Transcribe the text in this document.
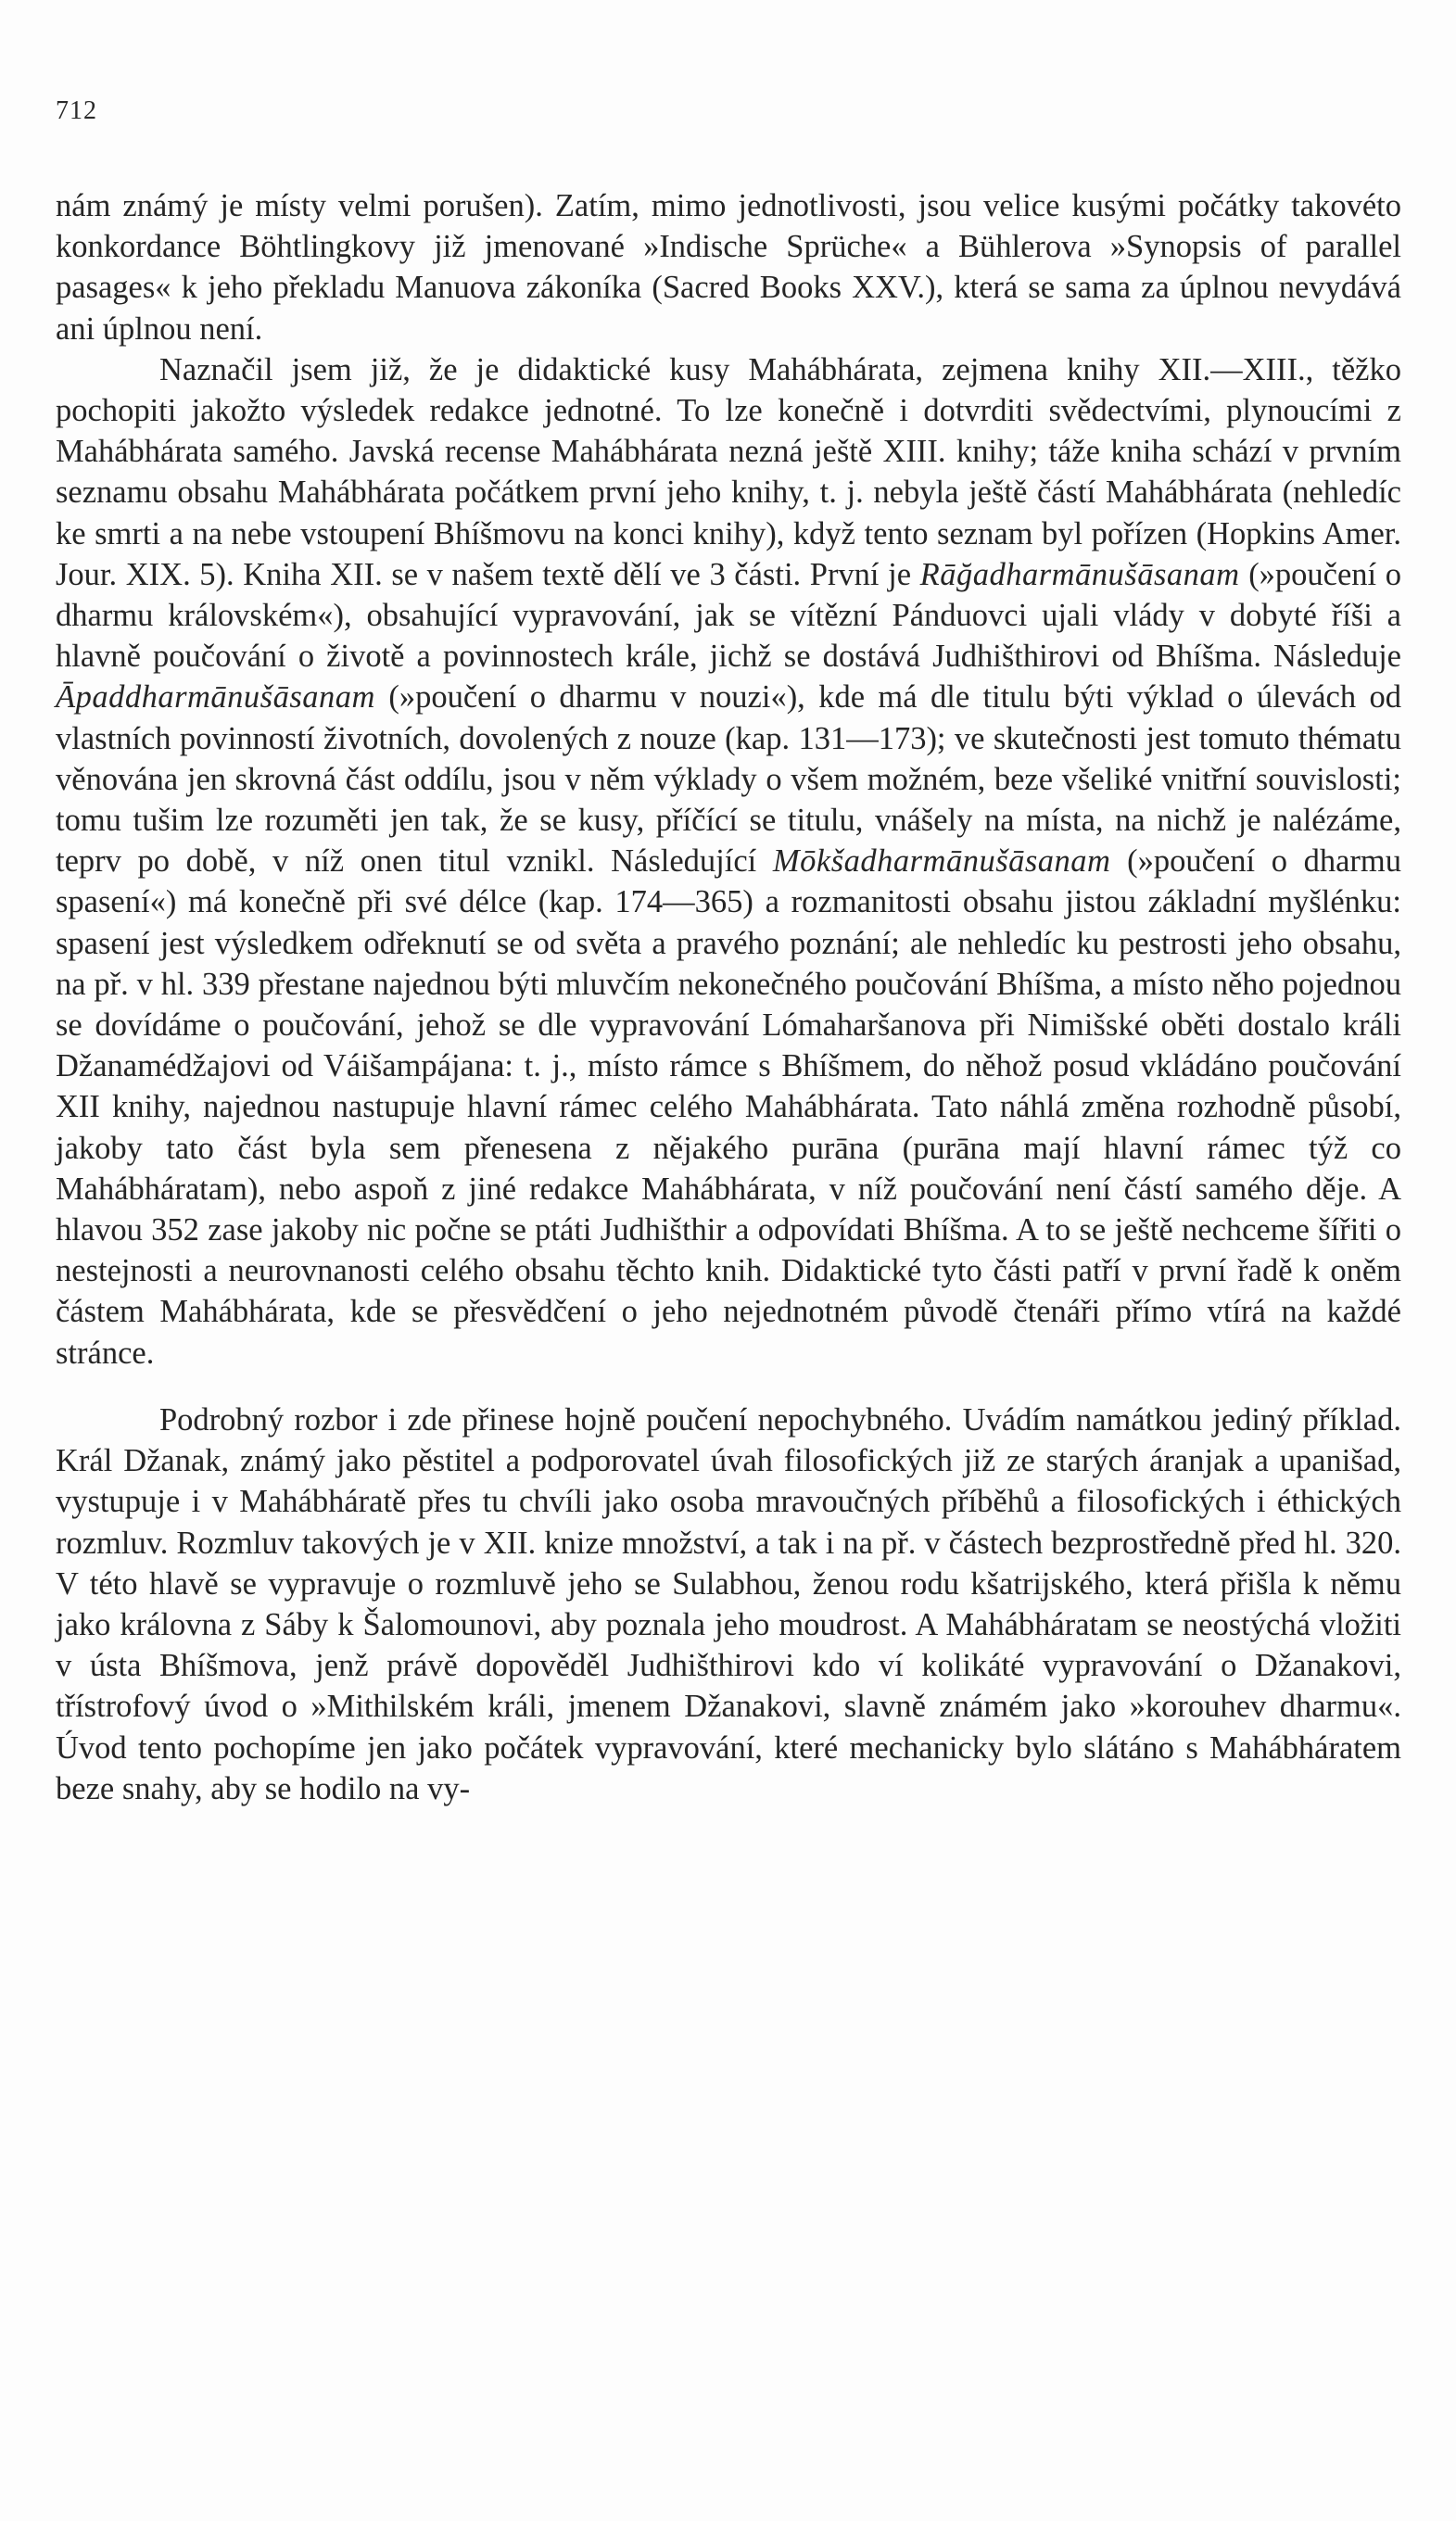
712

nám známý je místy velmi porušen). Zatím, mimo jednotlivosti, jsou velice kusými počátky takovéto konkordance Böhtlingkovy již jmenované »Indische Sprüche« a Bühlerova »Synopsis of parallel pasages« k jeho překladu Manuova zákoníka (Sacred Books XXV.), která se sama za úplnou nevydává ani úplnou není.

Naznačil jsem již, že je didaktické kusy Mahábhárata, zejmena knihy XII.—XIII., těžko pochopiti jakožto výsledek redakce jednotné. To lze konečně i dotvrditi svědectvími, plynoucími z Mahábhárata samého. Javská recense Mahábhárata nezná ještě XIII. knihy; táže kniha schází v prvním seznamu obsahu Mahábhárata počátkem první jeho knihy, t. j. nebyla ještě částí Mahábhárata (nehledíc ke smrti a na nebe vstoupení Bhíšmovu na konci knihy), když tento seznam byl pořízen (Hopkins Amer. Jour. XIX. 5). Kniha XII. se v našem textě dělí ve 3 části. První je Rāğadharmānušāsanam (»poučení o dharmu královském«), obsahující vypravování, jak se vítězní Pánduovci ujali vlády v dobyté říši a hlavně poučování o životě a povinnostech krále, jichž se dostává Judhišthirovi od Bhíšma. Následuje Āpaddharmānušāsanam (»poučení o dharmu v nouzi«), kde má dle titulu býti výklad o úlevách od vlastních povinností životních, dovolených z nouze (kap. 131—173); ve skutečnosti jest tomuto thématu věnována jen skrovná část oddílu, jsou v něm výklady o všem možném, beze všeliké vnitřní souvislosti; tomu tušim lze rozuměti jen tak, že se kusy, příčící se titulu, vnášely na místa, na nichž je nalézáme, teprv po době, v níž onen titul vznikl. Následující Mōkšadharmānušāsanam (»poučení o dharmu spasení«) má konečně při své délce (kap. 174—365) a rozmanitosti obsahu jistou základní myšlénku: spasení jest výsledkem odřeknutí se od světa a pravého poznání; ale nehledíc ku pestrosti jeho obsahu, na př. v hl. 339 přestane najednou býti mluvčím nekonečného poučování Bhíšma, a místo něho pojednou se dovídáme o poučování, jehož se dle vypravování Lómaharšanova při Nimišské oběti dostalo králi Džanamédžajovi od Váišampájana: t. j., místo rámce s Bhíšmem, do něhož posud vkládáno poučování XII knihy, najednou nastupuje hlavní rámec celého Mahábhárata. Tato náhlá změna rozhodně působí, jakoby tato část byla sem přenesena z nějakého purāna (purāna mají hlavní rámec týž co Mahábháratam), nebo aspoň z jiné redakce Mahábhárata, v níž poučování není částí samého děje. A hlavou 352 zase jakoby nic počne se ptáti Judhišthir a odpovídati Bhíšma. A to se ještě nechceme šířiti o nestejnosti a neurovnanosti celého obsahu těchto knih. Didaktické tyto části patří v první řadě k oněm částem Mahábhárata, kde se přesvědčení o jeho nejednotném původě čtenáři přímo vtírá na každé stránce.

Podrobný rozbor i zde přinese hojně poučení nepochybného. Uvádím namátkou jediný příklad. Král Džanak, známý jako pěstitel a podporovatel úvah filosofických již ze starých áranjak a upanišad, vystupuje i v Mahábháratě přes tu chvíli jako osoba mravoučných příběhů a filosofických i éthických rozmluv. Rozmluv takových je v XII. knize množství, a tak i na př. v částech bezprostředně před hl. 320. V této hlavě se vypravuje o rozmluvě jeho se Sulabhou, ženou rodu kšatrijského, která přišla k němu jako královna z Sáby k Šalomounovi, aby poznala jeho moudrost. A Mahábháratam se neostýchá vložiti v ústa Bhíšmova, jenž právě dopověděl Judhišthirovi kdo ví kolikáté vypravování o Džanakovi, třístrofový úvod o »Mithilském králi, jmenem Džanakovi, slavně známém jako »korouhev dharmu«. Úvod tento pochopíme jen jako počátek vypravování, které mechanicky bylo slátáno s Mahábháratem beze snahy, aby se hodilo na vy-
